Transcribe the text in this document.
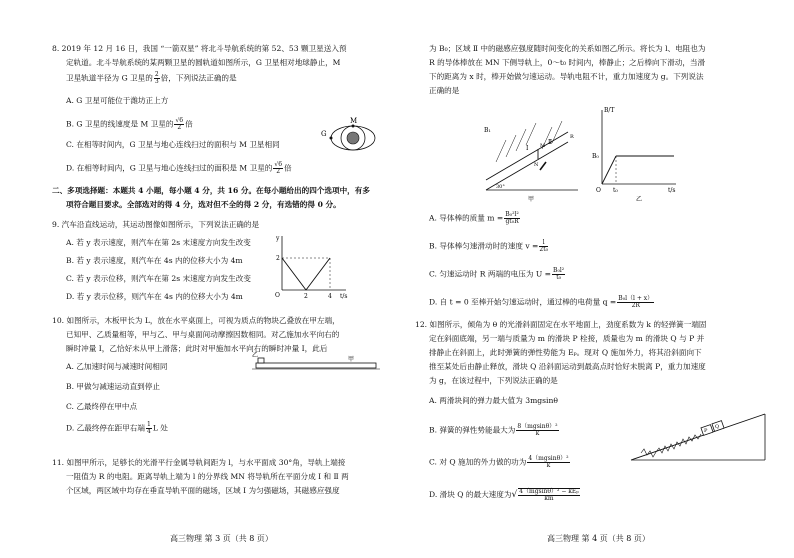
8. 2019 年 12 月 16 日，我国 “一箭双星” 将北斗导航系统的第 52、53 颗卫星送入预
定轨道。北斗导航系统的某两颗卫星的圆轨道如图所示，G 卫星相对地球静止，M
卫星轨道半径为 G 卫星的 $\frac{2}{3}$ 倍，下列说法正确的是
A. G 卫星可能位于潍坊正上方
B. G 卫星的线速度是 M 卫星的 $\frac{√6}{2}$ 倍
C. 在相等时间内，G 卫星与地心连线扫过的面积与 M 卫星相同
D. 在相等时间内，G 卫星与地心连线扫过的面积是 M 卫星的 $\frac{√6}{2}$ 倍
G
M
二、多项选择题：本题共 4 小题，每小题 4 分，共 16 分。在每小题给出的四个选项中，有多
项符合题目要求。全部选对的得 4 分，选对但不全的得 2 分，有选错的得 0 分。
9. 汽车沿直线运动，其运动图像如图所示，下列说法正确的是
A. 若 y 表示速度，则汽车在第 2s 末速度方向发生改变
B. 若 y 表示速度，则汽车在 4s 内的位移大小为 4m
C. 若 y 表示位移，则汽车在第 2s 末速度方向发生改变
D. 若 y 表示位移，则汽车在 4s 内的位移大小为 4m
y
t/s
O
2
2	4
10. 如图所示，木板甲长为 L，放在水平桌面上，可视为质点的物块乙叠放在甲左端，
已知甲、乙质量相等，甲与乙、甲与桌面间动摩擦因数相同。对乙施加水平向右的
瞬时冲量 I，乙恰好未从甲上滑落；此时对甲施加水平向右的瞬时冲量 I，此后
A. 乙加速时间与减速时间相同
B. 甲做匀减速运动直到停止
C. 乙最终停在甲中点
D. 乙最终停在距甲右端 $\frac{1}{4}$ L 处
乙
甲
11. 如图甲所示，足够长的光滑平行金属导轨间距为 l，与水平面成 30°角，导轨上端接
一阻值为 R 的电阻。距离导轨上端为 l 的分界线 MN 将导轨所在平面分成 Ⅰ 和 Ⅱ 两
个区域，两区域中均存在垂直导轨平面的磁场，区域 Ⅰ 为匀强磁场，其磁感应强度
高三物理 第 3 页（共 8 页）
为 B₀；区域 Ⅱ 中的磁感应强度随时间变化的关系如图乙所示。将长为 l、电阻也为
R 的导体棒放在 MN 下侧导轨上，0～t₀ 时间内，棒静止；之后棒向下滑动，当滑
下的距离为 x 时，棒开始做匀速运动。导轨电阻不计，重力加速度为 g。下列说法
正确的是
B₁
Ⅰ
Ⅱ
M
N
R
30°
甲
B/T
B₀
O t₀	t/s
乙
A. 导体棒的质量 $m = \frac{\text{B₀²l²}}{\text{gt₀R}}$
B. 导体棒匀速滑动时的速度 $v = \frac{l}{\text{2t₀}}$
C. 匀速运动时 R 两端的电压为 $U = \frac{\text{B₀l²}}{\text{t₀}}$
D. 自 t = 0 至棒开始匀速运动时，通过棒的电荷量 $q = \frac{\text{B₀l（l + x）}}{2R}$
12. 如图所示，倾角为 θ 的光滑斜面固定在水平地面上，劲度系数为 k 的轻弹簧一端固
定在斜面底端，另一端与质量为 m 的滑块 P 栓接，质量也为 m 的滑块 Q 与 P 并
排静止在斜面上，此时弹簧的弹性势能为 Eₚ。现对 Q 施加外力，将其沿斜面向下
推至某处后由静止释放，滑块 Q 沿斜面运动到最高点时恰好未脱离 P，重力加速度
为 g，在该过程中，下列说法正确的是
A. 两滑块间的弹力最大值为 3mgsinθ
B. 弹簧的弹性势能最大为 $\frac{\text{8（mgsinθ）²}}{k}$
C. 对 Q 施加的外力做的功为 $\frac{\text{4（mgsinθ）²}}{k}$
D. 滑块 Q 的最大速度为√ $\frac{\text{4（mgsinθ）² − kEₚ}}{km}$
P
Q
高三物理 第 4 页（共 8 页）
